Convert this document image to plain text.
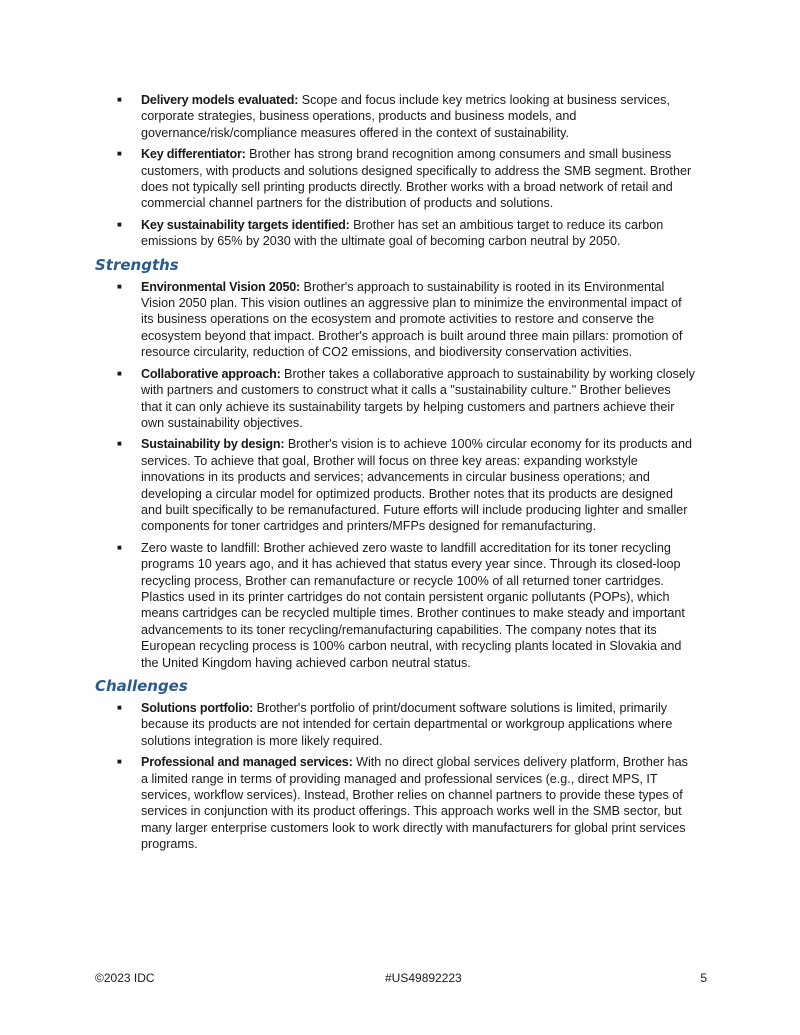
■ Delivery models evaluated: Scope and focus include key metrics looking at business services, corporate strategies, business operations, products and business models, and governance/risk/compliance measures offered in the context of sustainability.
■ Key differentiator: Brother has strong brand recognition among consumers and small business customers, with products and solutions designed specifically to address the SMB segment. Brother does not typically sell printing products directly. Brother works with a broad network of retail and commercial channel partners for the distribution of products and solutions.
■ Key sustainability targets identified: Brother has set an ambitious target to reduce its carbon emissions by 65% by 2030 with the ultimate goal of becoming carbon neutral by 2050.
Strengths
■ Environmental Vision 2050: Brother's approach to sustainability is rooted in its Environmental Vision 2050 plan. This vision outlines an aggressive plan to minimize the environmental impact of its business operations on the ecosystem and promote activities to restore and conserve the ecosystem beyond that impact. Brother's approach is built around three main pillars: promotion of resource circularity, reduction of CO2 emissions, and biodiversity conservation activities.
■ Collaborative approach: Brother takes a collaborative approach to sustainability by working closely with partners and customers to construct what it calls a "sustainability culture." Brother believes that it can only achieve its sustainability targets by helping customers and partners achieve their own sustainability objectives.
■ Sustainability by design: Brother's vision is to achieve 100% circular economy for its products and services. To achieve that goal, Brother will focus on three key areas: expanding workstyle innovations in its products and services; advancements in circular business operations; and developing a circular model for optimized products. Brother notes that its products are designed and built specifically to be remanufactured. Future efforts will include producing lighter and smaller components for toner cartridges and printers/MFPs designed for remanufacturing.
■ Zero waste to landfill: Brother achieved zero waste to landfill accreditation for its toner recycling programs 10 years ago, and it has achieved that status every year since. Through its closed-loop recycling process, Brother can remanufacture or recycle 100% of all returned toner cartridges. Plastics used in its printer cartridges do not contain persistent organic pollutants (POPs), which means cartridges can be recycled multiple times. Brother continues to make steady and important advancements to its toner recycling/remanufacturing capabilities. The company notes that its European recycling process is 100% carbon neutral, with recycling plants located in Slovakia and the United Kingdom having achieved carbon neutral status.
Challenges
■ Solutions portfolio: Brother's portfolio of print/document software solutions is limited, primarily because its products are not intended for certain departmental or workgroup applications where solutions integration is more likely required.
■ Professional and managed services: With no direct global services delivery platform, Brother has a limited range in terms of providing managed and professional services (e.g., direct MPS, IT services, workflow services). Instead, Brother relies on channel partners to provide these types of services in conjunction with its product offerings. This approach works well in the SMB sector, but many larger enterprise customers look to work directly with manufacturers for global print services programs.
©2023 IDC	#US49892223	5
